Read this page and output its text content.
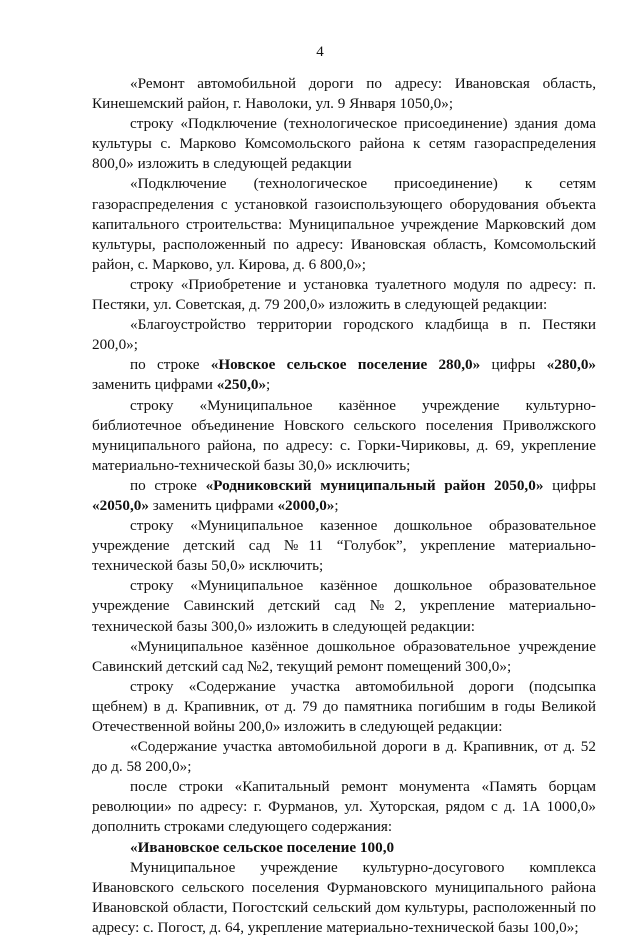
4

«Ремонт автомобильной дороги по адресу: Ивановская область, Кинешемский район, г. Наволоки, ул. 9 Января 1050,0»;

строку «Подключение (технологическое присоединение) здания дома культуры с. Марково Комсомольского района к сетям газораспределения 800,0» изложить в следующей редакции

«Подключение (технологическое присоединение) к сетям газораспределения с установкой газоиспользующего оборудования объекта капитального строительства: Муниципальное учреждение Марковский дом культуры, расположенный по адресу: Ивановская область, Комсомольский район, с. Марково, ул. Кирова, д. 6 800,0»;

строку «Приобретение и установка туалетного модуля по адресу: п. Пестяки, ул. Советская, д. 79 200,0» изложить в следующей редакции:

«Благоустройство территории городского кладбища в п. Пестяки 200,0»;

по строке «Новское сельское поселение 280,0» цифры «280,0» заменить цифрами «250,0»;

строку «Муниципальное казённое учреждение культурно-библиотечное объединение Новского сельского поселения Приволжского муниципального района, по адресу: с. Горки-Чириковы, д. 69, укрепление материально-технической базы 30,0» исключить;

по строке «Родниковский муниципальный район 2050,0» цифры «2050,0» заменить цифрами «2000,0»;

строку «Муниципальное казенное дошкольное образовательное учреждение детский сад №11 “Голубок”, укрепление материально-технической базы 50,0» исключить;

строку «Муниципальное казённое дошкольное образовательное учреждение Савинский детский сад №2, укрепление материально-технической базы 300,0» изложить в следующей редакции:

«Муниципальное казённое дошкольное образовательное учреждение Савинский детский сад №2, текущий ремонт помещений 300,0»;

строку «Содержание участка автомобильной дороги (подсыпка щебнем) в д. Крапивник, от д. 79 до памятника погибшим в годы Великой Отечественной войны 200,0» изложить в следующей редакции:

«Содержание участка автомобильной дороги в д. Крапивник, от д. 52 до д. 58 200,0»;

после строки «Капитальный ремонт монумента «Память борцам революции» по адресу: г. Фурманов, ул. Хуторская, рядом с д. 1А 1000,0» дополнить строками следующего содержания:

«Ивановское сельское поселение 100,0

Муниципальное учреждение культурно-досугового комплекса Ивановского сельского поселения Фурмановского муниципального района Ивановской области, Погостский сельский дом культуры, расположенный по адресу: с. Погост, д. 64, укрепление материально-технической базы 100,0»;
